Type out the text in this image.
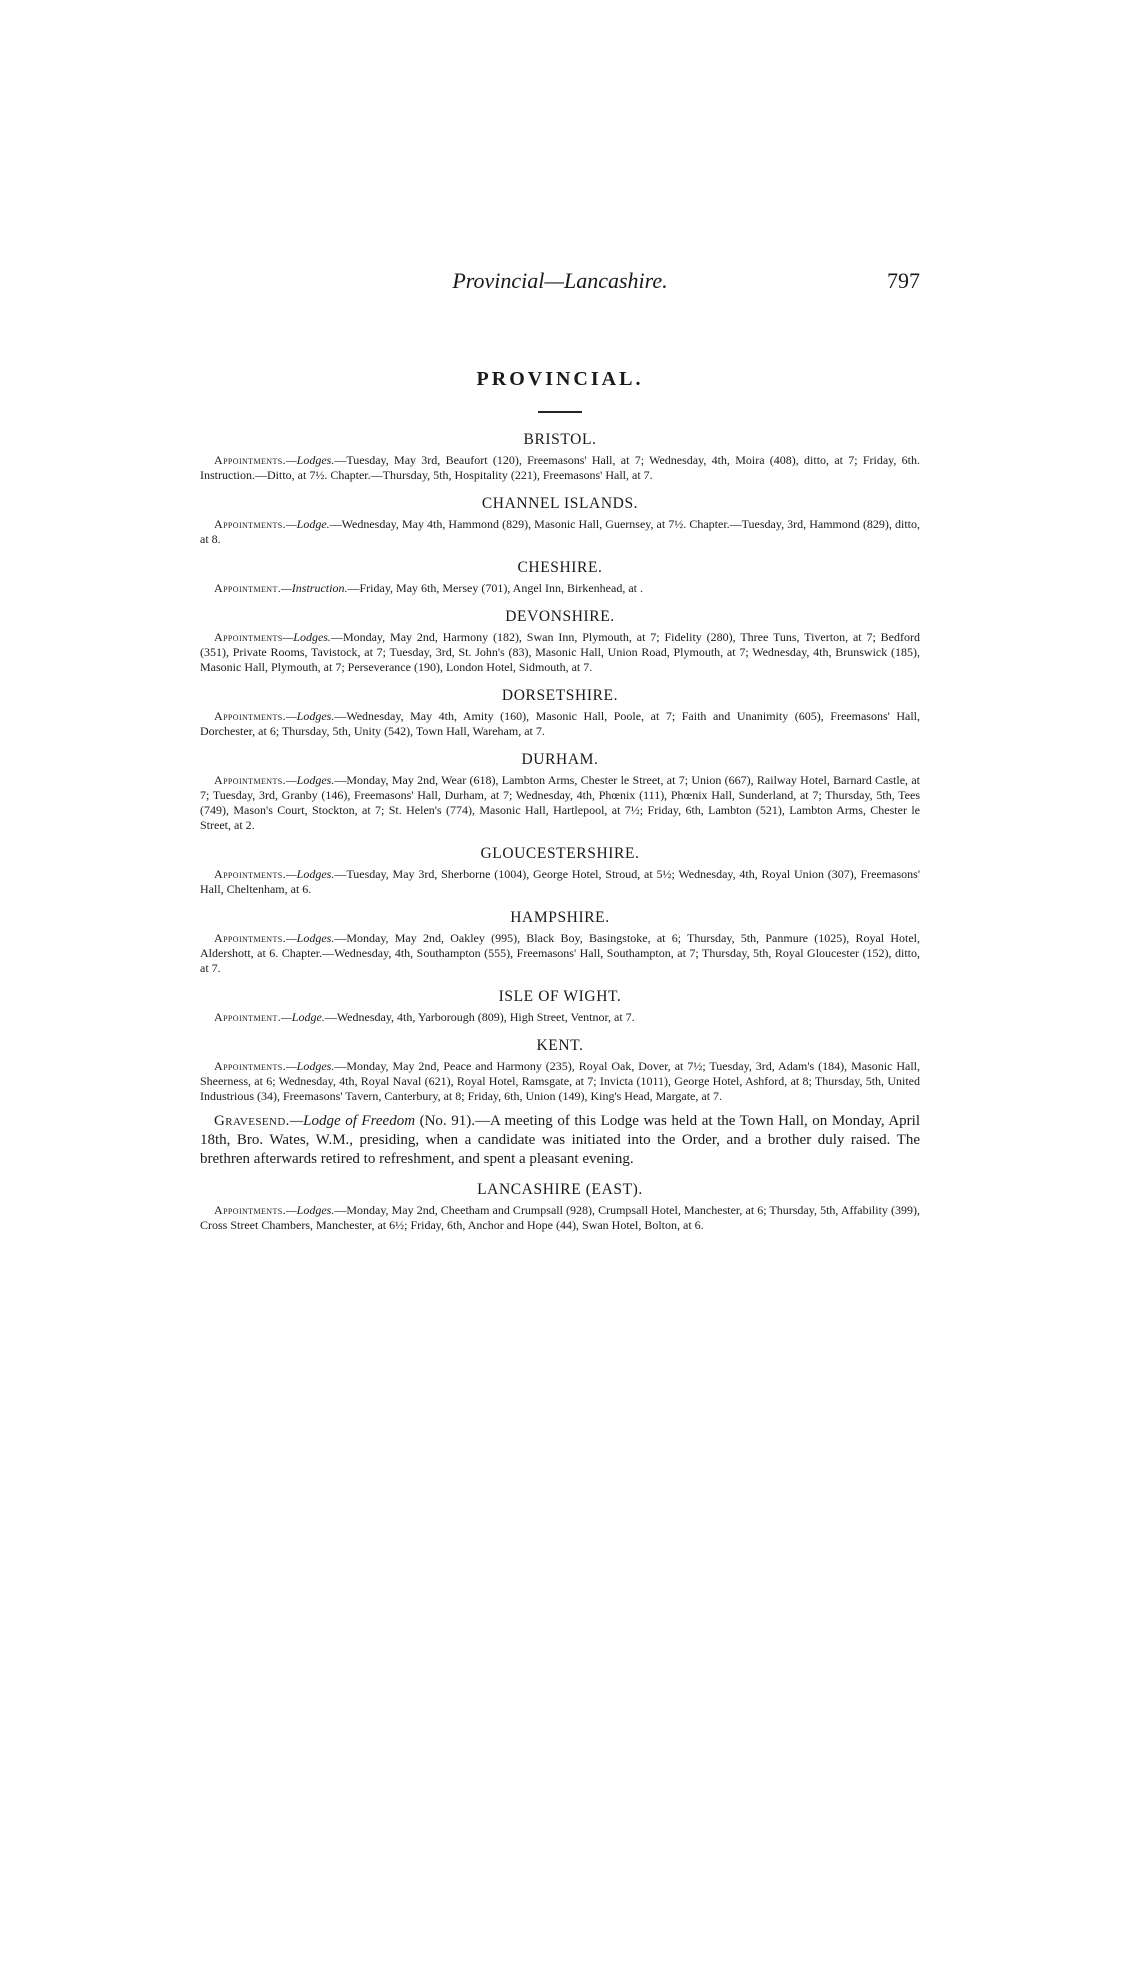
Provincial—Lancashire.	797
PROVINCIAL.
BRISTOL.

Appointments.—Lodges.—Tuesday, May 3rd, Beaufort (120), Freemasons' Hall, at 7; Wednesday, 4th, Moira (408), ditto, at 7; Friday, 6th. Instruction.—Ditto, at 7½. Chapter.—Thursday, 5th, Hospitality (221), Freemasons' Hall, at 7.

CHANNEL ISLANDS.

Appointments.—Lodge.—Wednesday, May 4th, Hammond (829), Masonic Hall, Guernsey, at 7½. Chapter.—Tuesday, 3rd, Hammond (829), ditto, at 8.

CHESHIRE.

Appointment.—Instruction.—Friday, May 6th, Mersey (701), Angel Inn, Birkenhead, at .

DEVONSHIRE.

Appointments—Lodges.—Monday, May 2nd, Harmony (182), Swan Inn, Plymouth, at 7; Fidelity (280), Three Tuns, Tiverton, at 7; Bedford (351), Private Rooms, Tavistock, at 7; Tuesday, 3rd, St. John's (83), Masonic Hall, Union Road, Plymouth, at 7; Wednesday, 4th, Brunswick (185), Masonic Hall, Plymouth, at 7; Perseverance (190), London Hotel, Sidmouth, at 7.

DORSETSHIRE.

Appointments.—Lodges.—Wednesday, May 4th, Amity (160), Masonic Hall, Poole, at 7; Faith and Unanimity (605), Freemasons' Hall, Dorchester, at 6; Thursday, 5th, Unity (542), Town Hall, Wareham, at 7.

DURHAM.

Appointments.—Lodges.—Monday, May 2nd, Wear (618), Lambton Arms, Chester le Street, at 7; Union (667), Railway Hotel, Barnard Castle, at 7; Tuesday, 3rd, Granby (146), Freemasons' Hall, Durham, at 7; Wednesday, 4th, Phœnix (111), Phœnix Hall, Sunderland, at 7; Thursday, 5th, Tees (749), Mason's Court, Stockton, at 7; St. Helen's (774), Masonic Hall, Hartlepool, at 7½; Friday, 6th, Lambton (521), Lambton Arms, Chester le Street, at 2.

GLOUCESTERSHIRE.

Appointments.—Lodges.—Tuesday, May 3rd, Sherborne (1004), George Hotel, Stroud, at 5½; Wednesday, 4th, Royal Union (307), Freemasons' Hall, Cheltenham, at 6.

HAMPSHIRE.

Appointments.—Lodges.—Monday, May 2nd, Oakley (995), Black Boy, Basingstoke, at 6; Thursday, 5th, Panmure (1025), Royal Hotel, Aldershott, at 6. Chapter.—Wednesday, 4th, Southampton (555), Freemasons' Hall, Southampton, at 7; Thursday, 5th, Royal Gloucester (152), ditto, at 7.

ISLE OF WIGHT.

Appointment.—Lodge.—Wednesday, 4th, Yarborough (809), High Street, Ventnor, at 7.

KENT.

Appointments.—Lodges.—Monday, May 2nd, Peace and Harmony (235), Royal Oak, Dover, at 7½; Tuesday, 3rd, Adam's (184), Masonic Hall, Sheerness, at 6; Wednesday, 4th, Royal Naval (621), Royal Hotel, Ramsgate, at 7; Invicta (1011), George Hotel, Ashford, at 8; Thursday, 5th, United Industrious (34), Freemasons' Tavern, Canterbury, at 8; Friday, 6th, Union (149), King's Head, Margate, at 7.

Gravesend.—Lodge of Freedom (No. 91).—A meeting of this Lodge was held at the Town Hall, on Monday, April 18th, Bro. Wates, W.M., presiding, when a candidate was initiated into the Order, and a brother duly raised. The brethren afterwards retired to refreshment, and spent a pleasant evening.

LANCASHIRE (EAST).

Appointments.—Lodges.—Monday, May 2nd, Cheetham and Crumpsall (928), Crumpsall Hotel, Manchester, at 6; Thursday, 5th, Affability (399), Cross Street Chambers, Manchester, at 6½; Friday, 6th, Anchor and Hope (44), Swan Hotel, Bolton, at 6.
